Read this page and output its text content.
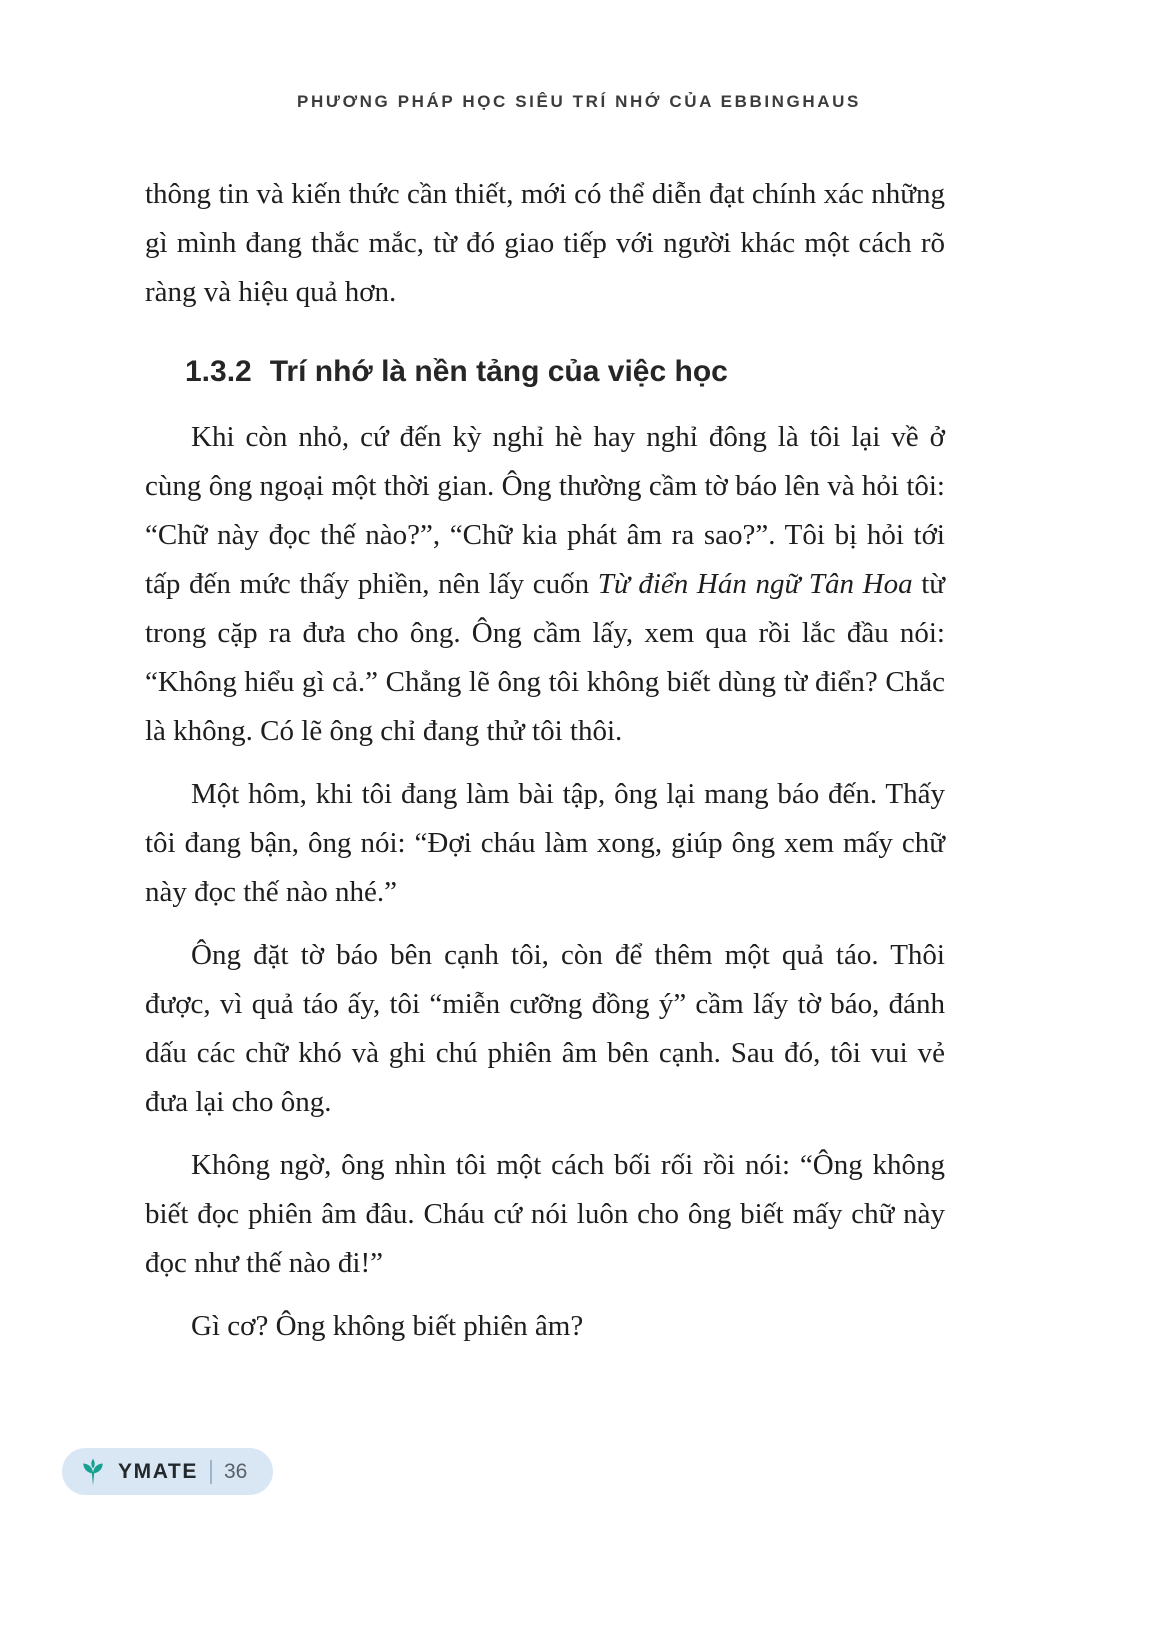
PHƯƠNG PHÁP HỌC SIÊU TRÍ NHỚ CỦA EBBINGHAUS

thông tin và kiến thức cần thiết, mới có thể diễn đạt chính xác những gì mình đang thắc mắc, từ đó giao tiếp với người khác một cách rõ ràng và hiệu quả hơn.

1.3.2 Trí nhớ là nền tảng của việc học

Khi còn nhỏ, cứ đến kỳ nghỉ hè hay nghỉ đông là tôi lại về ở cùng ông ngoại một thời gian. Ông thường cầm tờ báo lên và hỏi tôi: “Chữ này đọc thế nào?”, “Chữ kia phát âm ra sao?”. Tôi bị hỏi tới tấp đến mức thấy phiền, nên lấy cuốn Từ điển Hán ngữ Tân Hoa từ trong cặp ra đưa cho ông. Ông cầm lấy, xem qua rồi lắc đầu nói: “Không hiểu gì cả.” Chẳng lẽ ông tôi không biết dùng từ điển? Chắc là không. Có lẽ ông chỉ đang thử tôi thôi.

Một hôm, khi tôi đang làm bài tập, ông lại mang báo đến. Thấy tôi đang bận, ông nói: “Đợi cháu làm xong, giúp ông xem mấy chữ này đọc thế nào nhé.”

Ông đặt tờ báo bên cạnh tôi, còn để thêm một quả táo. Thôi được, vì quả táo ấy, tôi “miễn cưỡng đồng ý” cầm lấy tờ báo, đánh dấu các chữ khó và ghi chú phiên âm bên cạnh. Sau đó, tôi vui vẻ đưa lại cho ông.

Không ngờ, ông nhìn tôi một cách bối rối rồi nói: “Ông không biết đọc phiên âm đâu. Cháu cứ nói luôn cho ông biết mấy chữ này đọc như thế nào đi!”

Gì cơ? Ông không biết phiên âm?

YMATE 36
